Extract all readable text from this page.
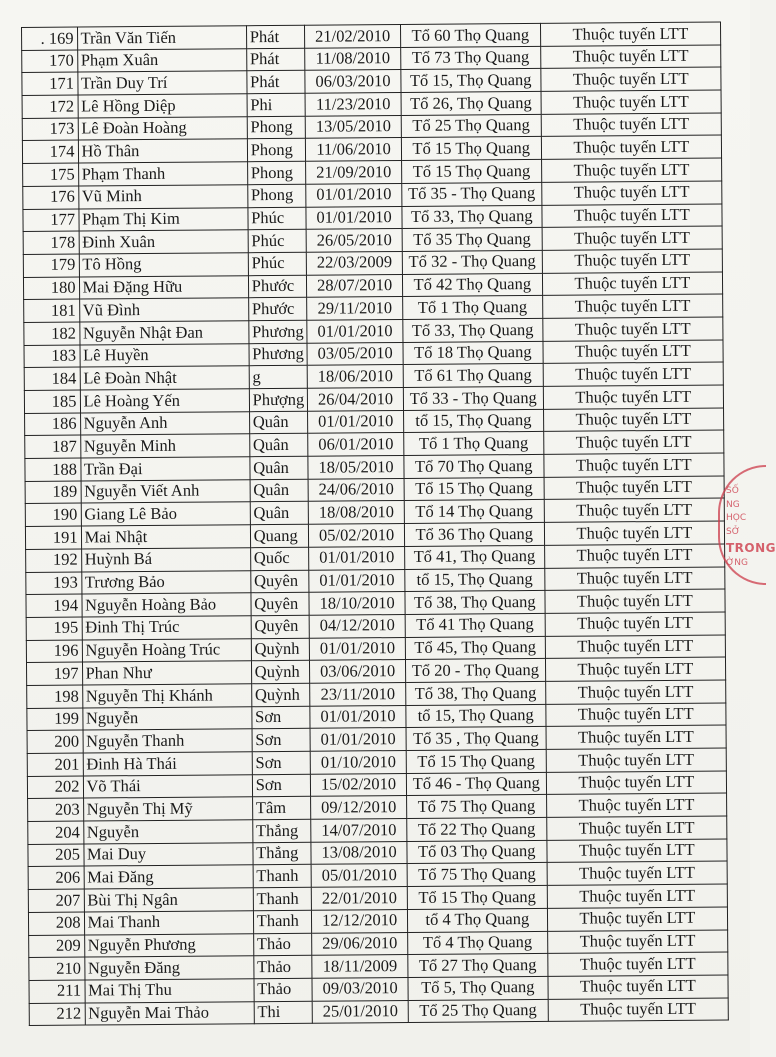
. 169	Trần Văn Tiến	Phát	21/02/2010	Tổ 60 Thọ Quang	Thuộc tuyến LTT
170	Phạm Xuân	Phát	11/08/2010	Tổ 73 Thọ Quang	Thuộc tuyến LTT
171	Trần Duy Trí	Phát	06/03/2010	Tổ 15, Thọ Quang	Thuộc tuyến LTT
172	Lê Hồng Diệp	Phi	11/23/2010	Tổ 26, Thọ Quang	Thuộc tuyến LTT
173	Lê Đoàn Hoàng	Phong	13/05/2010	Tổ 25 Thọ Quang	Thuộc tuyến LTT
174	Hồ Thân	Phong	11/06/2010	Tổ 15 Thọ Quang	Thuộc tuyến LTT
175	Phạm Thanh	Phong	21/09/2010	Tổ 15 Thọ Quang	Thuộc tuyến LTT
176	Vũ Minh	Phong	01/01/2010	Tổ 35 - Thọ Quang	Thuộc tuyến LTT
177	Phạm Thị Kim	Phúc	01/01/2010	Tổ 33, Thọ Quang	Thuộc tuyến LTT
178	Đinh Xuân	Phúc	26/05/2010	Tổ 35 Thọ Quang	Thuộc tuyến LTT
179	Tô Hồng	Phúc	22/03/2009	Tổ 32 - Thọ Quang	Thuộc tuyến LTT
180	Mai Đặng Hữu	Phước	28/07/2010	Tổ 42 Thọ Quang	Thuộc tuyến LTT
181	Vũ Đình	Phước	29/11/2010	Tổ 1 Thọ Quang	Thuộc tuyến LTT
182	Nguyễn Nhật Đan	Phương	01/01/2010	Tổ 33, Thọ Quang	Thuộc tuyến LTT
183	Lê Huyền	Phương	03/05/2010	Tổ 18 Thọ Quang	Thuộc tuyến LTT
184	Lê Đoàn Nhật	g	18/06/2010	Tổ 61 Thọ Quang	Thuộc tuyến LTT
185	Lê Hoàng Yến	Phượng	26/04/2010	Tổ 33 - Thọ Quang	Thuộc tuyến LTT
186	Nguyễn Anh	Quân	01/01/2010	tổ 15, Thọ Quang	Thuộc tuyến LTT
187	Nguyễn Minh	Quân	06/01/2010	Tổ 1 Thọ Quang	Thuộc tuyến LTT
188	Trần Đại	Quân	18/05/2010	Tổ 70 Thọ Quang	Thuộc tuyến LTT
189	Nguyễn Viết Anh	Quân	24/06/2010	Tổ 15 Thọ Quang	Thuộc tuyến LTT
190	Giang Lê Bảo	Quân	18/08/2010	Tổ 14 Thọ Quang	Thuộc tuyến LTT
191	Mai Nhật	Quang	05/02/2010	Tổ 36 Thọ Quang	Thuộc tuyến LTT
192	Huỳnh Bá	Quốc	01/01/2010	Tổ 41, Thọ Quang	Thuộc tuyến LTT
193	Trương Bảo	Quyên	01/01/2010	tổ 15, Thọ Quang	Thuộc tuyến LTT
194	Nguyễn Hoàng Bảo	Quyên	18/10/2010	Tổ 38, Thọ Quang	Thuộc tuyến LTT
195	Đinh Thị Trúc	Quyên	04/12/2010	Tổ 41 Thọ Quang	Thuộc tuyến LTT
196	Nguyễn Hoàng Trúc	Quỳnh	01/01/2010	Tổ 45, Thọ Quang	Thuộc tuyến LTT
197	Phan Như	Quỳnh	03/06/2010	Tổ 20 - Thọ Quang	Thuộc tuyến LTT
198	Nguyễn Thị Khánh	Quỳnh	23/11/2010	Tổ 38, Thọ Quang	Thuộc tuyến LTT
199	Nguyễn	Sơn	01/01/2010	tổ 15, Thọ Quang	Thuộc tuyến LTT
200	Nguyễn Thanh	Sơn	01/01/2010	Tổ 35 , Thọ Quang	Thuộc tuyến LTT
201	Đinh Hà Thái	Sơn	01/10/2010	Tổ 15 Thọ Quang	Thuộc tuyến LTT
202	Võ Thái	Sơn	15/02/2010	Tổ 46 - Thọ Quang	Thuộc tuyến LTT
203	Nguyễn Thị Mỹ	Tâm	09/12/2010	Tổ 75 Thọ Quang	Thuộc tuyến LTT
204	Nguyễn	Thắng	14/07/2010	Tổ 22 Thọ Quang	Thuộc tuyến LTT
205	Mai Duy	Thắng	13/08/2010	Tổ 03 Thọ Quang	Thuộc tuyến LTT
206	Mai Đăng	Thanh	05/01/2010	Tổ 75 Thọ Quang	Thuộc tuyến LTT
207	Bùi Thị Ngân	Thanh	22/01/2010	Tổ 15 Thọ Quang	Thuộc tuyến LTT
208	Mai Thanh	Thanh	12/12/2010	tổ 4 Thọ Quang	Thuộc tuyến LTT
209	Nguyễn Phương	Thảo	29/06/2010	Tổ 4 Thọ Quang	Thuộc tuyến LTT
210	Nguyễn Đăng	Thảo	18/11/2009	Tổ 27 Thọ Quang	Thuộc tuyến LTT
211	Mai Thị Thu	Thảo	09/03/2010	Tổ 5, Thọ Quang	Thuộc tuyến LTT
212	Nguyễn Mai Thảo	Thi	25/01/2010	Tổ 25 Thọ Quang	Thuộc tuyến LTT
SỐ
NG
HỌC
SỞ
TRONG
ỜNG
